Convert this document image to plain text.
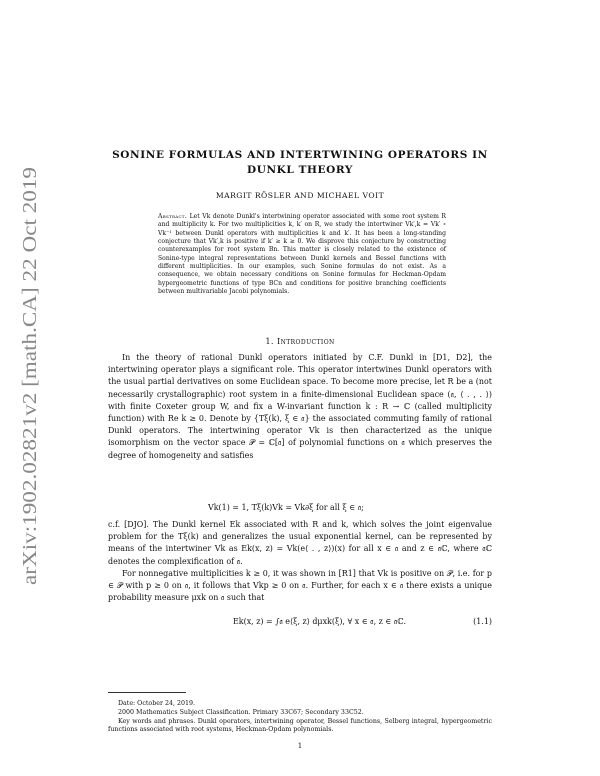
arXiv:1902.02821v2 [math.CA] 22 Oct 2019
SONINE FORMULAS AND INTERTWINING OPERATORS IN
DUNKL THEORY
MARGIT RÖSLER AND MICHAEL VOIT
Abstract. Let Vk denote Dunkl's intertwining operator associated with some root system R and multiplicity k. For two multiplicities k, k′ on R, we study the intertwiner Vk′,k = Vk′ ∘ Vk⁻¹ between Dunkl operators with multiplicities k and k′. It has been a long-standing conjecture that Vk′,k is positive if k′ ≥ k ≥ 0. We disprove this conjecture by constructing counterexamples for root system Bn. This matter is closely related to the existence of Sonine-type integral representations between Dunkl kernels and Bessel functions with different multiplicities. In our examples, such Sonine formulas do not exist. As a consequence, we obtain necessary conditions on Sonine formulas for Heckman-Opdam hypergeometric functions of type BCn and conditions for positive branching coefficients between multivariable Jacobi polynomials.
1. Introduction

In the theory of rational Dunkl operators initiated by C.F. Dunkl in [D1, D2], the intertwining operator plays a significant role. This operator intertwines Dunkl operators with the usual partial derivatives on some Euclidean space. To become more precise, let R be a (not necessarily crystallographic) root system in a finite-dimensional Euclidean space (𝔞, ⟨ . , . ⟩) with finite Coxeter group W, and fix a W-invariant function k : R → ℂ (called multiplicity function) with Re k ≥ 0. Denote by {Tξ(k), ξ ∈ 𝔞} the associated commuting family of rational Dunkl operators. The intertwining operator Vk is then characterized as the unique isomorphism on the vector space 𝒫 = ℂ[𝔞] of polynomial functions on 𝔞 which preserves the degree of homogeneity and satisfies

Vk(1) = 1, Tξ(k)Vk = Vk∂ξ for all ξ ∈ 𝔞;

c.f. [DJO]. The Dunkl kernel Ek associated with R and k, which solves the joint eigenvalue problem for the Tξ(k) and generalizes the usual exponential kernel, can be represented by means of the intertwiner Vk as Ek(x, z) = Vk(e⟨ . , z⟩)(x) for all x ∈ 𝔞 and z ∈ 𝔞ℂ, where 𝔞ℂ denotes the complexification of 𝔞.

For nonnegative multiplicities k ≥ 0, it was shown in [R1] that Vk is positive on 𝒫, i.e. for p ∈ 𝒫 with p ≥ 0 on 𝔞, it follows that Vkp ≥ 0 on 𝔞. Further, for each x ∈ 𝔞 there exists a unique probability measure μxk on 𝔞 such that

Ek(x, z) = ∫𝔞 e⟨ξ, z⟩ dμxk(ξ), ∀ x ∈ 𝔞, z ∈ 𝔞ℂ.	(1.1)
Date: October 24, 2019.
2000 Mathematics Subject Classification. Primary 33C67; Secondary 33C52.
Key words and phrases. Dunkl operators, intertwining operator, Bessel functions, Selberg integral, hypergeometric functions associated with root systems, Heckman-Opdam polynomials.
1
